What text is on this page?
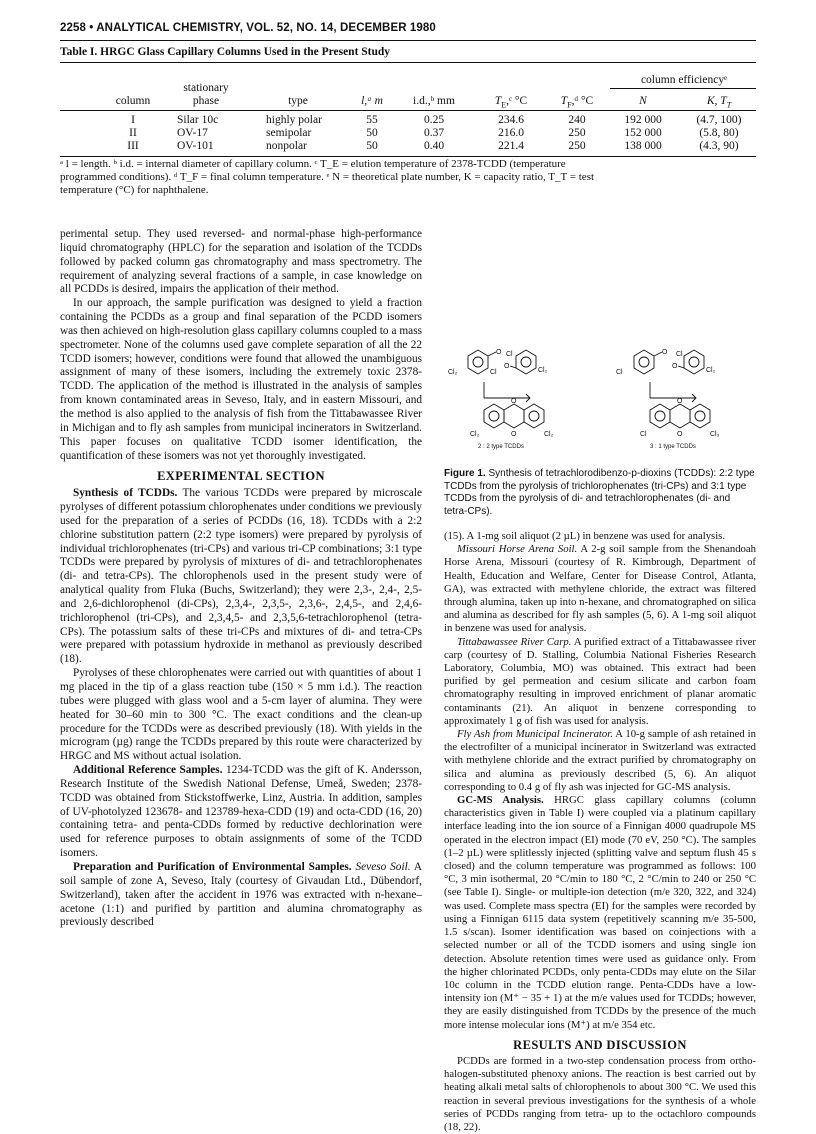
2258 • ANALYTICAL CHEMISTRY, VOL. 52, NO. 14, DECEMBER 1980
Table I. HRGC Glass Capillary Columns Used in the Present Study
column efficiencyᵉ
stationary
column	phase	type	l,ᵃ m	i.d.,ᵇ mm	$T_E,ᶜ$ °C	$T_F,ᵈ$ °C	N	K, $T_T$
I	Silar 10c	highly polar	55	0.25	234.6	240	192 000	(4.7, 100)
II	OV-17	semipolar	50	0.37	216.0	250	152 000	(5.8, 80)
III	OV-101	nonpolar	50	0.40	221.4	250	138 000	(4.3, 90)

ᵃ l = length. ᵇ i.d. = internal diameter of capillary column. ᶜ T_E = elution temperature of 2378-TCDD (temperature

programmed conditions). ᵈ T_F = final column temperature. ᵉ N = theoretical plate number, K = capacity ratio, T_T = test

temperature (°C) for naphthalene.

perimental setup. They used reversed- and normal-phase high-performance liquid chromatography (HPLC) for the separation and isolation of the TCDDs followed by packed column gas chromatography and mass spectrometry. The requirement of analyzing several fractions of a sample, in case knowledge on all PCDDs is desired, impairs the application of their method.

In our approach, the sample purification was designed to yield a fraction containing the PCDDs as a group and final separation of the PCDD isomers was then achieved on high-resolution glass capillary columns coupled to a mass spectrometer. None of the columns used gave complete separation of all the 22 TCDD isomers; however, conditions were found that allowed the unambiguous assignment of many of these isomers, including the extremely toxic 2378-TCDD. The application of the method is illustrated in the analysis of samples from known contaminated areas in Seveso, Italy, and in eastern Missouri, and the method is also applied to the analysis of fish from the Tittabawassee River in Michigan and to fly ash samples from municipal incinerators in Switzerland. This paper focuses on qualitative TCDD isomer identification, the quantification of these isomers was not yet thoroughly investigated.

EXPERIMENTAL SECTION

Synthesis of TCDDs. The various TCDDs were prepared by microscale pyrolyses of different potassium chlorophenates under conditions we previously used for the preparation of a series of PCDDs (16, 18). TCDDs with a 2:2 chlorine substitution pattern (2:2 type isomers) were prepared by pyrolysis of individual trichlorophenates (tri-CPs) and various tri-CP combinations; 3:1 type TCDDs were prepared by pyrolysis of mixtures of di- and tetrachlorophenates (di- and tetra-CPs). The chlorophenols used in the present study were of analytical quality from Fluka (Buchs, Switzerland); they were 2,3-, 2,4-, 2,5- and 2,6-dichlorophenol (di-CPs), 2,3,4-, 2,3,5-, 2,3,6-, 2,4,5-, and 2,4,6-trichlorophenol (tri-CPs), and 2,3,4,5- and 2,3,5,6-tetrachlorophenol (tetra-CPs). The potassium salts of these tri-CPs and mixtures of di- and tetra-CPs were prepared with potassium hydroxide in methanol as previously described (18).

Pyrolyses of these chlorophenates were carried out with quantities of about 1 mg placed in the tip of a glass reaction tube (150 × 5 mm i.d.). The reaction tubes were plugged with glass wool and a 5-cm layer of alumina. They were heated for 30–60 min to 300 °C. The exact conditions and the clean-up procedure for the TCDDs were as described previously (18). With yields in the microgram (µg) range the TCDDs prepared by this route were characterized by HRGC and MS without actual isolation.

Additional Reference Samples. 1234-TCDD was the gift of K. Andersson, Research Institute of the Swedish National Defense, Umeå, Sweden; 2378-TCDD was obtained from Stickstoffwerke, Linz, Austria. In addition, samples of UV-photolyzed 123678- and 123789-hexa-CDD (19) and octa-CDD (16, 20) containing tetra- and penta-CDDs formed by reductive dechlorination were used for reference purposes to obtain assignments of some of the TCDD isomers.

Preparation and Purification of Environmental Samples. Seveso Soil. A soil sample of zone A, Seveso, Italy (courtesy of Givaudan Ltd., Dübendorf, Switzerland), taken after the accident in 1976 was extracted with n-hexane–acetone (1:1) and purified by partition and alumina chromatography as previously described

Cl₂	Cl
O
O
Cl
Cl₂
O
O
Cl₂	Cl₂
2 : 2 type TCDDs
Cl
O
O
Cl
Cl₂
O
O
Cl	Cl₃
3 : 1 type TCDDs
Figure 1. Synthesis of tetrachlorodibenzo-p-dioxins (TCDDs): 2:2 type TCDDs from the pyrolysis of trichlorophenates (tri-CPs) and 3:1 type TCDDs from the pyrolysis of di- and tetrachlorophenates (di- and tetra-CPs).

(15). A 1-mg soil aliquot (2 µL) in benzene was used for analysis.

Missouri Horse Arena Soil. A 2-g soil sample from the Shenandoah Horse Arena, Missouri (courtesy of R. Kimbrough, Department of Health, Education and Welfare, Center for Disease Control, Atlanta, GA), was extracted with methylene chloride, the extract was filtered through alumina, taken up into n-hexane, and chromatographed on silica and alumina as described for fly ash samples (5, 6). A 1-mg soil aliquot in benzene was used for analysis.

Tittabawassee River Carp. A purified extract of a Tittabawassee river carp (courtesy of D. Stalling, Columbia National Fisheries Research Laboratory, Columbia, MO) was obtained. This extract had been purified by gel permeation and cesium silicate and carbon foam chromatography resulting in improved enrichment of planar aromatic contaminants (21). An aliquot in benzene corresponding to approximately 1 g of fish was used for analysis.

Fly Ash from Municipal Incinerator. A 10-g sample of ash retained in the electrofilter of a municipal incinerator in Switzerland was extracted with methylene chloride and the extract purified by chromatography on silica and alumina as previously described (5, 6). An aliquot corresponding to 0.4 g of fly ash was injected for GC-MS analysis.

GC-MS Analysis. HRGC glass capillary columns (column characteristics given in Table I) were coupled via a platinum capillary interface leading into the ion source of a Finnigan 4000 quadrupole MS operated in the electron impact (EI) mode (70 eV, 250 °C). The samples (1–2 µL) were splitlessly injected (splitting valve and septum flush 45 s closed) and the column temperature was programmed as follows: 100 °C, 3 min isothermal, 20 °C/min to 180 °C, 2 °C/min to 240 or 250 °C (see Table I). Single- or multiple-ion detection (m/e 320, 322, and 324) was used. Complete mass spectra (EI) for the samples were recorded by using a Finnigan 6115 data system (repetitively scanning m/e 35-500, 1.5 s/scan). Isomer identification was based on coinjections with a selected number or all of the TCDD isomers and using single ion detection. Absolute retention times were used as guidance only. From the higher chlorinated PCDDs, only penta-CDDs may elute on the Silar 10c column in the TCDD elution range. Penta-CDDs have a low-intensity ion (M⁺ − 35 + 1) at the m/e values used for TCDDs; however, they are easily distinguished from TCDDs by the presence of the much more intense molecular ions (M⁺) at m/e 354 etc.

RESULTS AND DISCUSSION

PCDDs are formed in a two-step condensation process from ortho-halogen-substituted phenoxy anions. The reaction is best carried out by heating alkali metal salts of chlorophenols to about 300 °C. We used this reaction in several previous investigations for the synthesis of a whole series of PCDDs ranging from tetra- up to the octachloro compounds (18, 22).
